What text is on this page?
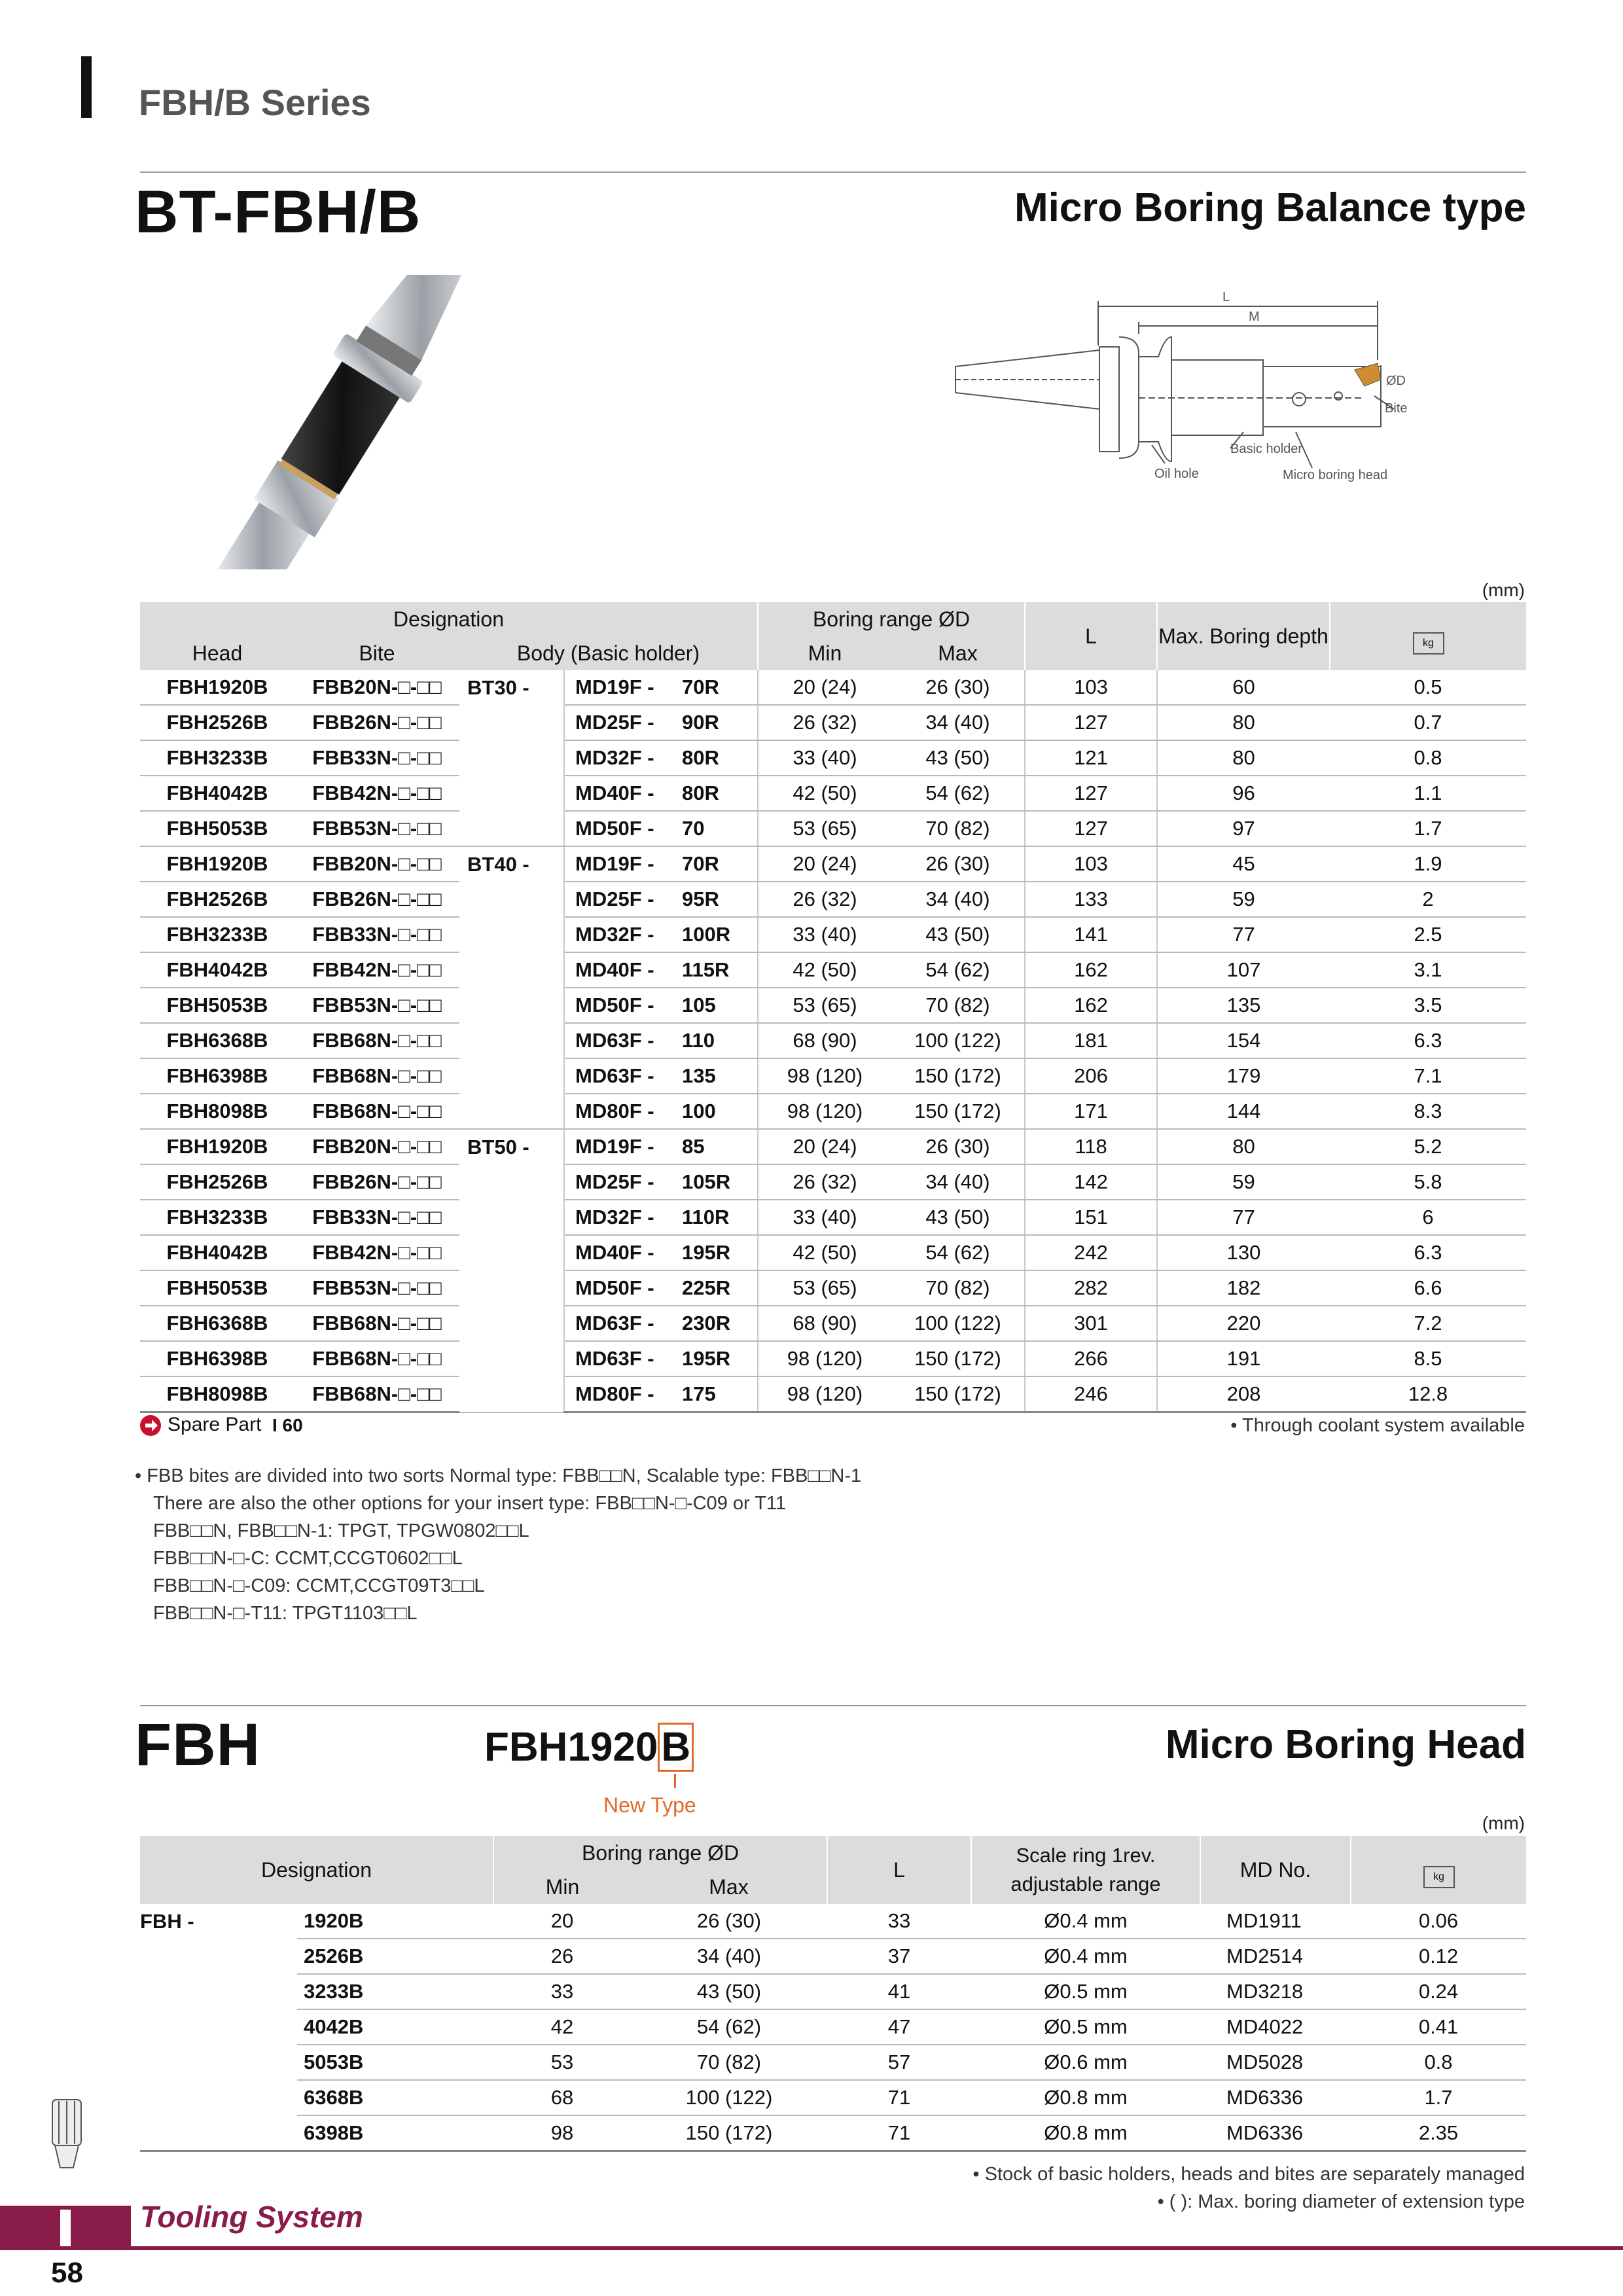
FBH/B Series
BT-FBH/B	Micro Boring Balance type
L
M
ØD
Bite
Basic holder
Oil hole	Micro boring head
(mm)
Designation					Boring range ØD		L	Max. Boring depth	kg
Head	Bite	Body (Basic holder)			Min	Max			
FBH1920B	FBB20N-□-□□	BT30 -	MD19F -	70R	20 (24)	26 (30)	103	60	0.5
FBH2526B	FBB26N-□-□□		MD25F -	90R	26 (32)	34 (40)	127	80	0.7
FBH3233B	FBB33N-□-□□		MD32F -	80R	33 (40)	43 (50)	121	80	0.8
FBH4042B	FBB42N-□-□□		MD40F -	80R	42 (50)	54 (62)	127	96	1.1
FBH5053B	FBB53N-□-□□		MD50F -	70	53 (65)	70 (82)	127	97	1.7
FBH1920B	FBB20N-□-□□	BT40 -	MD19F -	70R	20 (24)	26 (30)	103	45	1.9
FBH2526B	FBB26N-□-□□		MD25F -	95R	26 (32)	34 (40)	133	59	2
FBH3233B	FBB33N-□-□□		MD32F -	100R	33 (40)	43 (50)	141	77	2.5
FBH4042B	FBB42N-□-□□		MD40F -	115R	42 (50)	54 (62)	162	107	3.1
FBH5053B	FBB53N-□-□□		MD50F -	105	53 (65)	70 (82)	162	135	3.5
FBH6368B	FBB68N-□-□□		MD63F -	110	68 (90)	100 (122)	181	154	6.3
FBH6398B	FBB68N-□-□□		MD63F -	135	98 (120)	150 (172)	206	179	7.1
FBH8098B	FBB68N-□-□□		MD80F -	100	98 (120)	150 (172)	171	144	8.3
FBH1920B	FBB20N-□-□□	BT50 -	MD19F -	85	20 (24)	26 (30)	118	80	5.2
FBH2526B	FBB26N-□-□□		MD25F -	105R	26 (32)	34 (40)	142	59	5.8
FBH3233B	FBB33N-□-□□		MD32F -	110R	33 (40)	43 (50)	151	77	6
FBH4042B	FBB42N-□-□□		MD40F -	195R	42 (50)	54 (62)	242	130	6.3
FBH5053B	FBB53N-□-□□		MD50F -	225R	53 (65)	70 (82)	282	182	6.6
FBH6368B	FBB68N-□-□□		MD63F -	230R	68 (90)	100 (122)	301	220	7.2
FBH6398B	FBB68N-□-□□		MD63F -	195R	98 (120)	150 (172)	266	191	8.5
FBH8098B	FBB68N-□-□□		MD80F -	175	98 (120)	150 (172)	246	208	12.8
Spare Part I 60	• Through coolant system available
• FBB bites are divided into two sorts Normal type: FBB□□N, Scalable type: FBB□□N-1
There are also the other options for your insert type: FBB□□N-□-C09 or T11
FBB□□N, FBB□□N-1: TPGT, TPGW0802□□L
FBB□□N-□-C: CCMT,CCGT0602□□L
FBB□□N-□-C09: CCMT,CCGT09T3□□L
FBB□□N-□-T11: TPGT1103□□L
FBH	FBH1920B
New Type
Micro Boring Head
(mm)
Designation		Boring range ØD		L	Scale ring 1rev. adjustable range	MD No.	kg
		Min	Max				
FBH -	1920B	20	26 (30)	33	Ø0.4 mm	MD1911	0.06
	2526B	26	34 (40)	37	Ø0.4 mm	MD2514	0.12
	3233B	33	43 (50)	41	Ø0.5 mm	MD3218	0.24
	4042B	42	54 (62)	47	Ø0.5 mm	MD4022	0.41
	5053B	53	70 (82)	57	Ø0.6 mm	MD5028	0.8
	6368B	68	100 (122)	71	Ø0.8 mm	MD6336	1.7
	6398B	98	150 (172)	71	Ø0.8 mm	MD6336	2.35
• Stock of basic holders, heads and bites are separately managed
• ( ): Max. boring diameter of extension type
Tooling System
58
